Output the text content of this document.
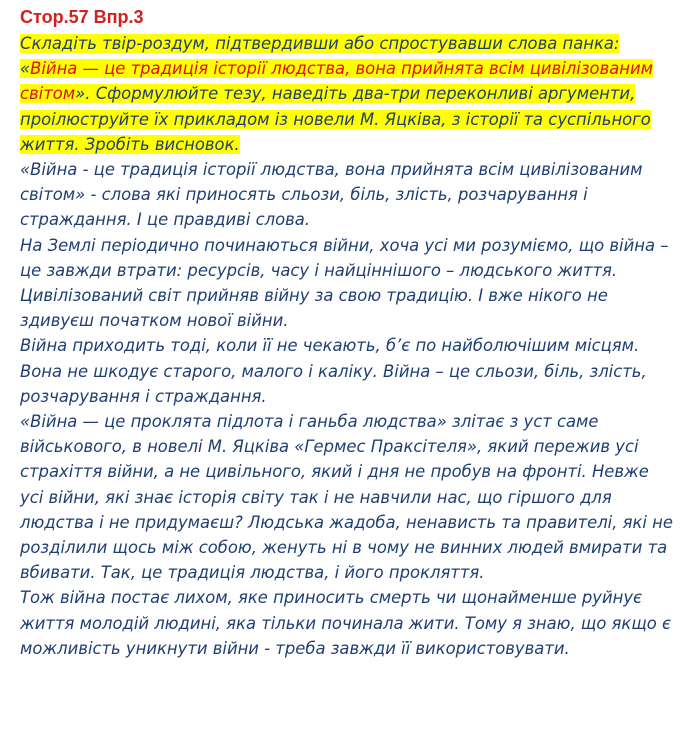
Стор.57 Впр.3

Складіть твір-роздум, підтвердивши або спростувавши слова панка: «Війна — це традиція історії людства, вона прийнята всім цивілізованим світом». Сформулюйте тезу, наведіть два-три переконливі аргументи, проілюструйте їх прикладом із новели М. Яцківа, з історії та суспільного життя. Зробіть висновок.

«Війна - це традиція історії людства, вона прийнята всім цивілізованим світом» - слова які приносять сльози, біль, злість, розчарування і страждання. І це правдиві слова.

На Землі періодично починаються війни, хоча усі ми розуміємо, що війна – це завжди втрати: ресурсів, часу і найціннішого – людського життя. Цивілізований світ прийняв війну за свою традицію. І вже нікого не здивуєш початком нової війни.

Війна приходить тоді, коли її не чекають, б’є по найболючішим місцям. Вона не шкодує старого, малого і каліку. Війна – це сльози, біль, злість, розчарування і страждання.

«Війна — це проклята підлота і ганьба людства» злітає з уст саме військового, в новелі М. Яцківа «Гермес Праксітеля», який пережив усі страхіття війни, а не цивільного, який і дня не пробув на фронті. Невже усі війни, які знає історія світу так і не навчили нас, що гіршого для людства і не придумаєш? Людська жадоба, ненависть та правителі, які не розділили щось між собою, женуть ні в чому не винних людей вмирати та вбивати. Так, це традиція людства, і його прокляття.

Тож війна постає лихом, яке приносить смерть чи щонайменше руйнує життя молодій людині, яка тільки починала жити. Тому я знаю, що якщо є можливість уникнути війни - треба завжди її використовувати.
